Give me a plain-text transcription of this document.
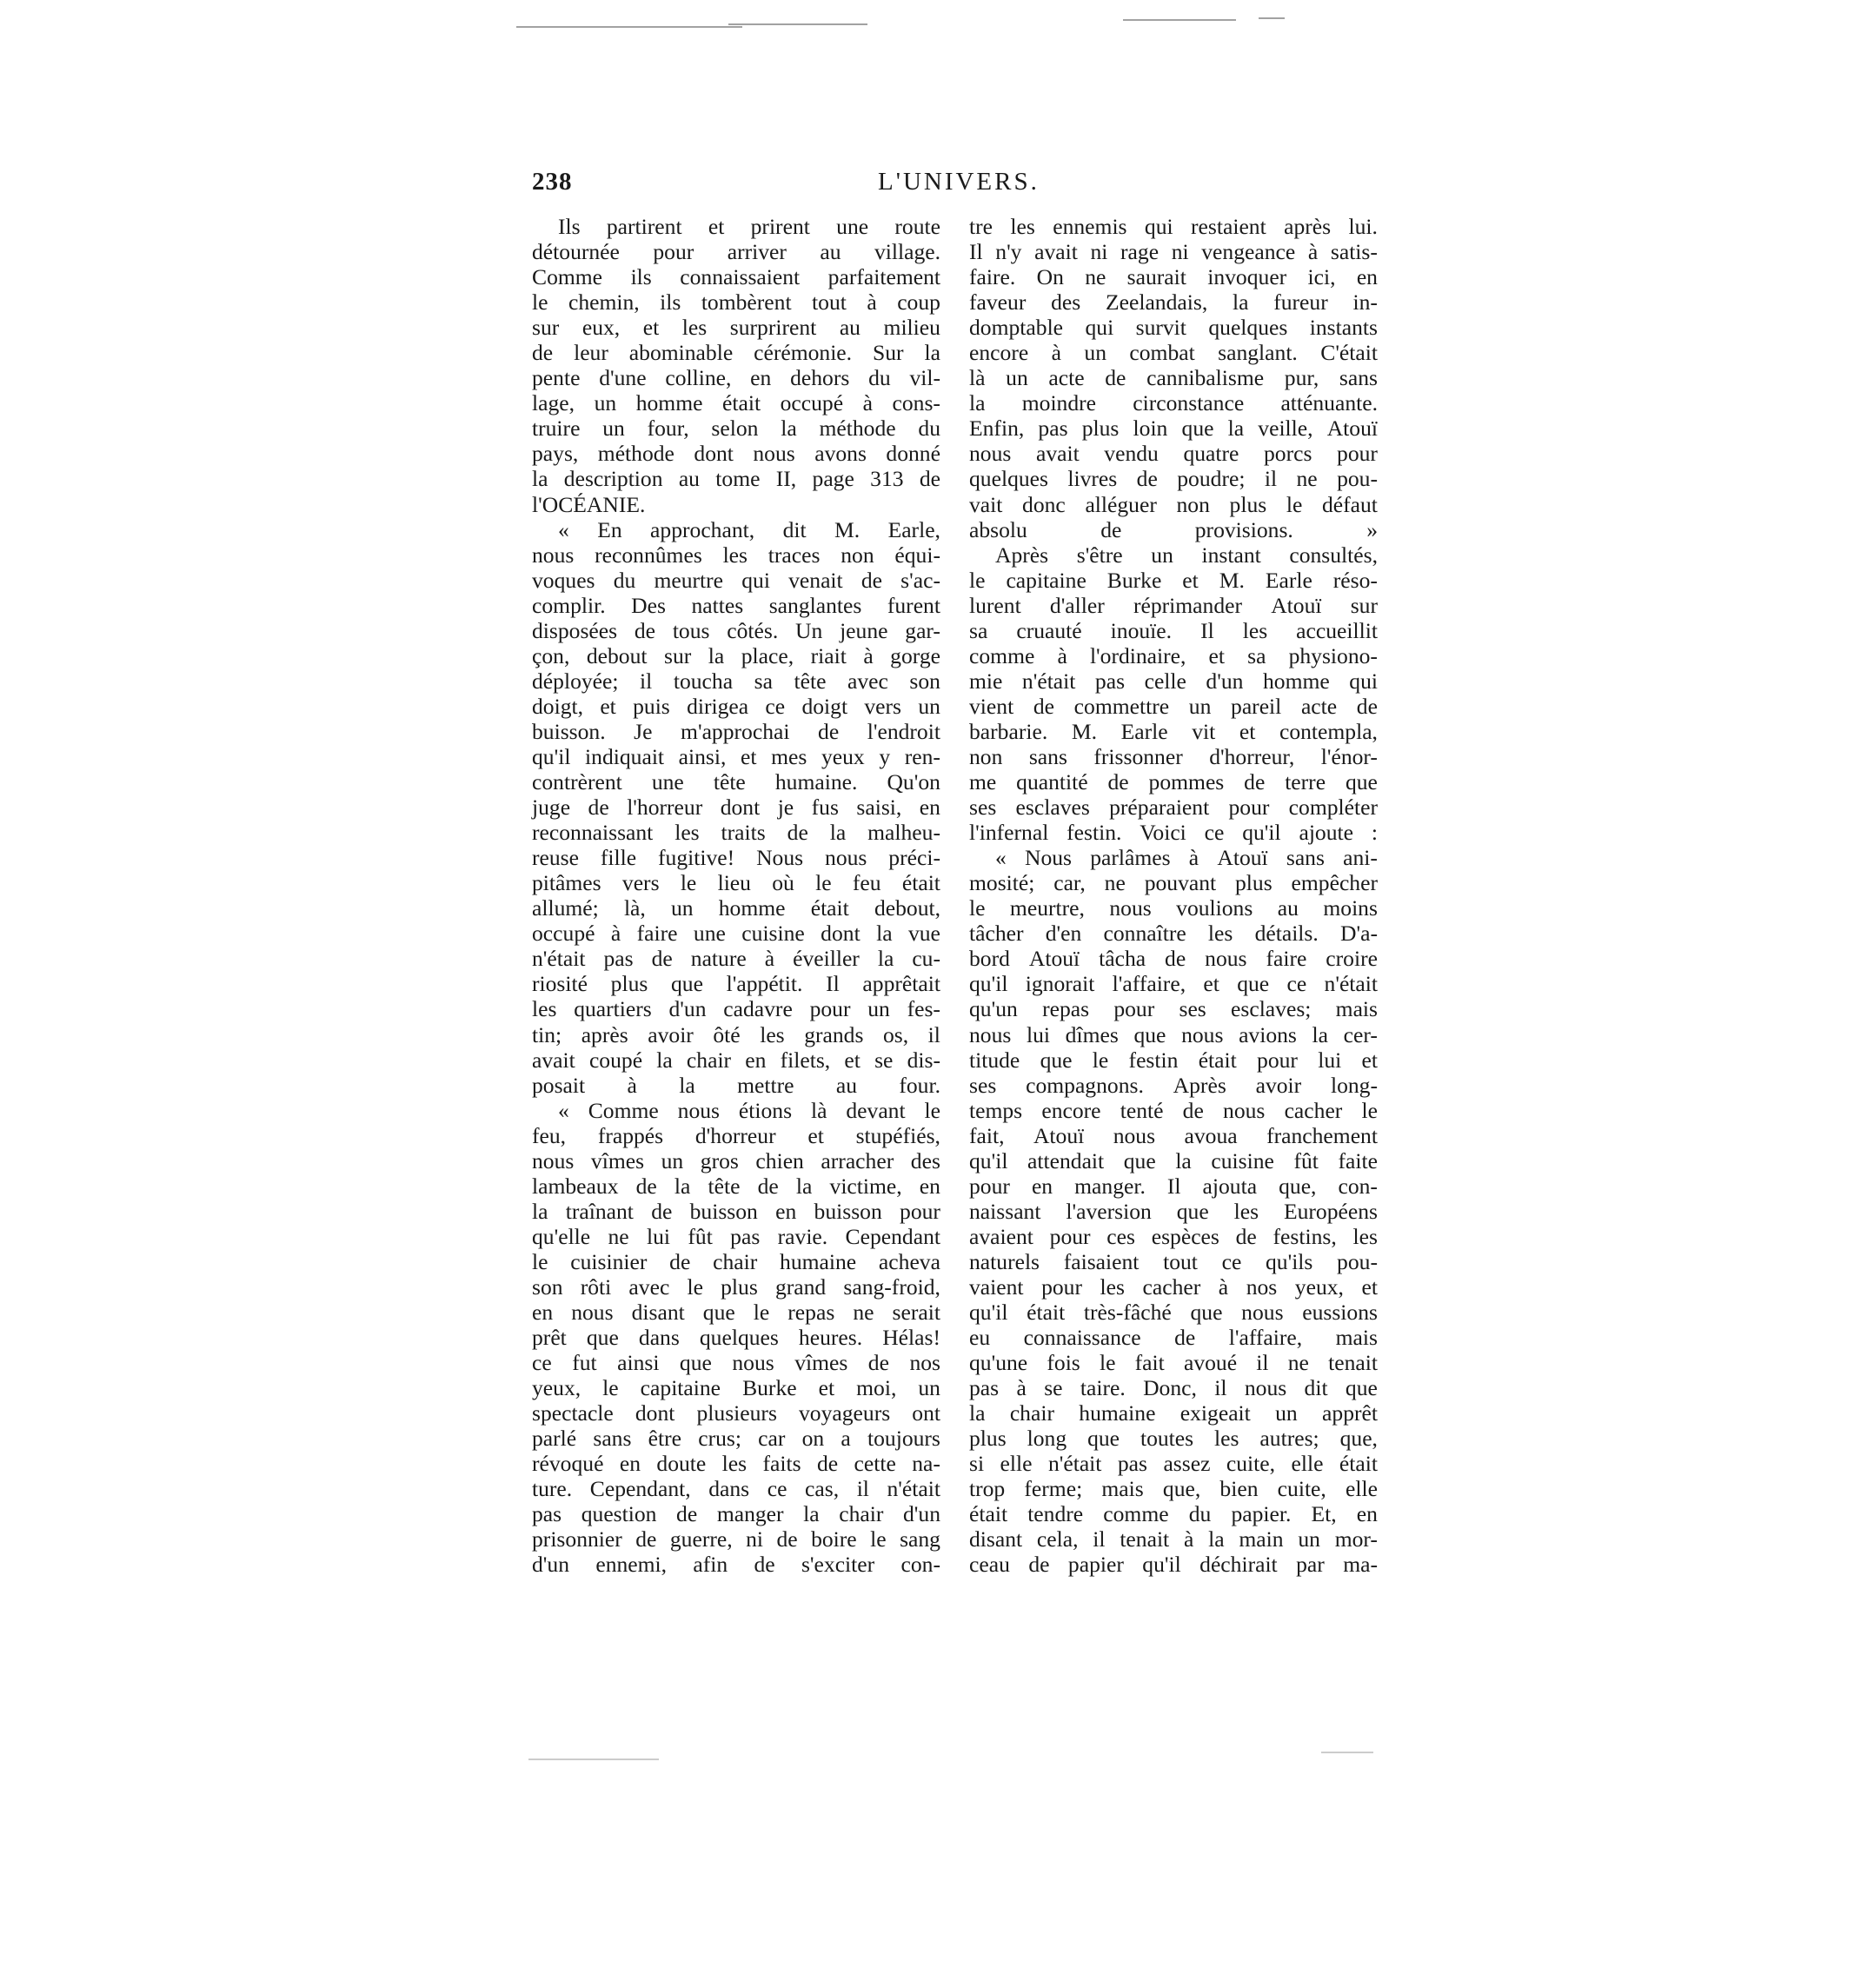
238	L'UNIVERS.
Ils partirent et prirent une route
détournée pour arriver au village.
Comme ils connaissaient parfaitement
le chemin, ils tombèrent tout à coup
sur eux, et les surprirent au milieu
de leur abominable cérémonie. Sur la
pente d'une colline, en dehors du vil-
lage, un homme était occupé à cons-
truire un four, selon la méthode du
pays, méthode dont nous avons donné
la description au tome II, page 313 de
l'OCÉANIE.
« En approchant, dit M. Earle,
nous reconnûmes les traces non équi-
voques du meurtre qui venait de s'ac-
complir. Des nattes sanglantes furent
disposées de tous côtés. Un jeune gar-
çon, debout sur la place, riait à gorge
déployée; il toucha sa tête avec son
doigt, et puis dirigea ce doigt vers un
buisson. Je m'approchai de l'endroit
qu'il indiquait ainsi, et mes yeux y ren-
contrèrent une tête humaine. Qu'on
juge de l'horreur dont je fus saisi, en
reconnaissant les traits de la malheu-
reuse fille fugitive! Nous nous préci-
pitâmes vers le lieu où le feu était
allumé; là, un homme était debout,
occupé à faire une cuisine dont la vue
n'était pas de nature à éveiller la cu-
riosité plus que l'appétit. Il apprêtait
les quartiers d'un cadavre pour un fes-
tin; après avoir ôté les grands os, il
avait coupé la chair en filets, et se dis-
posait à la mettre au four.
« Comme nous étions là devant le
feu, frappés d'horreur et stupéfiés,
nous vîmes un gros chien arracher des
lambeaux de la tête de la victime, en
la traînant de buisson en buisson pour
qu'elle ne lui fût pas ravie. Cependant
le cuisinier de chair humaine acheva
son rôti avec le plus grand sang-froid,
en nous disant que le repas ne serait
prêt que dans quelques heures. Hélas!
ce fut ainsi que nous vîmes de nos
yeux, le capitaine Burke et moi, un
spectacle dont plusieurs voyageurs ont
parlé sans être crus; car on a toujours
révoqué en doute les faits de cette na-
ture. Cependant, dans ce cas, il n'était
pas question de manger la chair d'un
prisonnier de guerre, ni de boire le sang
d'un ennemi, afin de s'exciter con-
tre les ennemis qui restaient après lui.
Il n'y avait ni rage ni vengeance à satis-
faire. On ne saurait invoquer ici, en
faveur des Zeelandais, la fureur in-
domptable qui survit quelques instants
encore à un combat sanglant. C'était
là un acte de cannibalisme pur, sans
la moindre circonstance atténuante.
Enfin, pas plus loin que la veille, Atouï
nous avait vendu quatre porcs pour
quelques livres de poudre; il ne pou-
vait donc alléguer non plus le défaut
absolu de provisions. »
Après s'être un instant consultés,
le capitaine Burke et M. Earle réso-
lurent d'aller réprimander Atouï sur
sa cruauté inouïe. Il les accueillit
comme à l'ordinaire, et sa physiono-
mie n'était pas celle d'un homme qui
vient de commettre un pareil acte de
barbarie. M. Earle vit et contempla,
non sans frissonner d'horreur, l'énor-
me quantité de pommes de terre que
ses esclaves préparaient pour compléter
l'infernal festin. Voici ce qu'il ajoute :
« Nous parlâmes à Atouï sans ani-
mosité; car, ne pouvant plus empêcher
le meurtre, nous voulions au moins
tâcher d'en connaître les détails. D'a-
bord Atouï tâcha de nous faire croire
qu'il ignorait l'affaire, et que ce n'était
qu'un repas pour ses esclaves; mais
nous lui dîmes que nous avions la cer-
titude que le festin était pour lui et
ses compagnons. Après avoir long-
temps encore tenté de nous cacher le
fait, Atouï nous avoua franchement
qu'il attendait que la cuisine fût faite
pour en manger. Il ajouta que, con-
naissant l'aversion que les Européens
avaient pour ces espèces de festins, les
naturels faisaient tout ce qu'ils pou-
vaient pour les cacher à nos yeux, et
qu'il était très-fâché que nous eussions
eu connaissance de l'affaire, mais
qu'une fois le fait avoué il ne tenait
pas à se taire. Donc, il nous dit que
la chair humaine exigeait un apprêt
plus long que toutes les autres; que,
si elle n'était pas assez cuite, elle était
trop ferme; mais que, bien cuite, elle
était tendre comme du papier. Et, en
disant cela, il tenait à la main un mor-
ceau de papier qu'il déchirait par ma-
